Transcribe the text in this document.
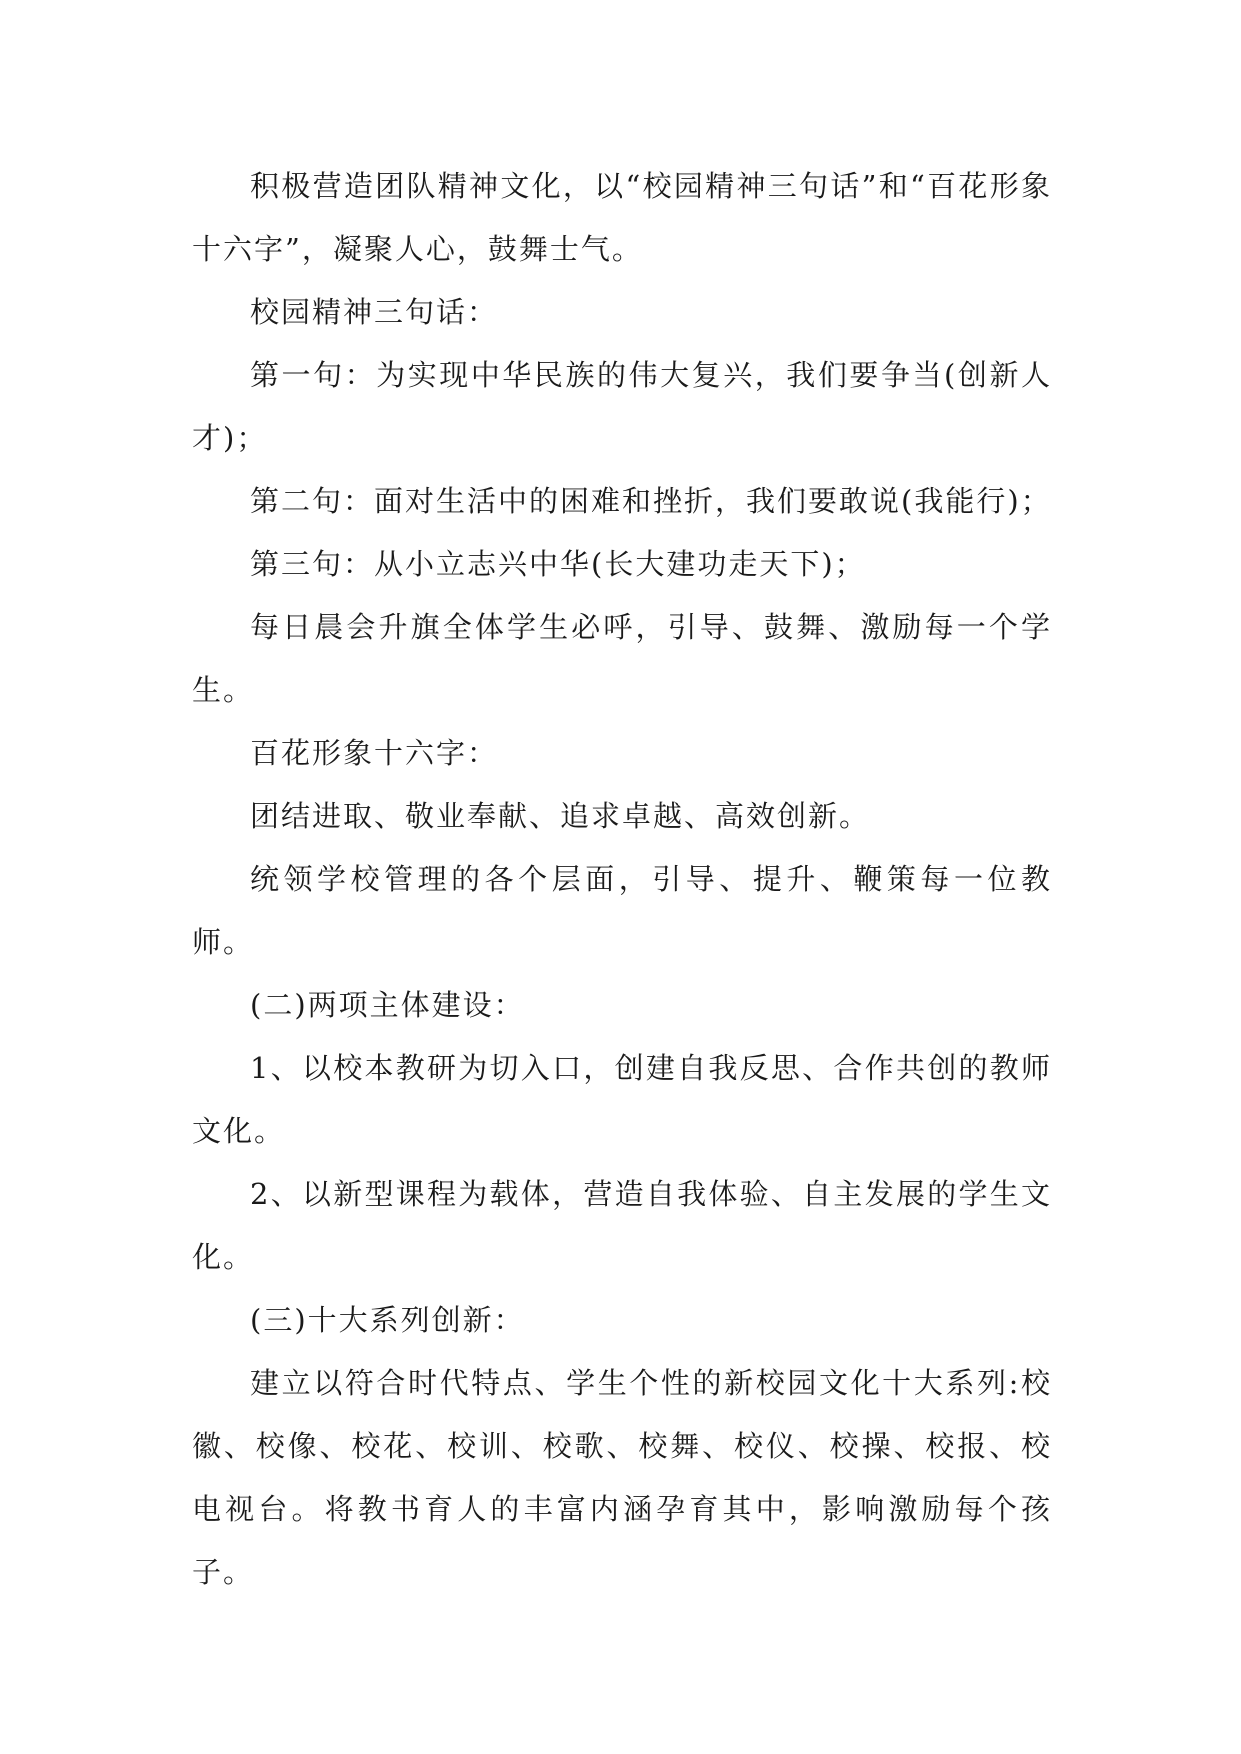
积极营造团队精神文化，以“校园精神三句话”和“百花形象十六字”，凝聚人心，鼓舞士气。

校园精神三句话：

第一句：为实现中华民族的伟大复兴，我们要争当(创新人才)；

第二句：面对生活中的困难和挫折，我们要敢说(我能行)；

第三句：从小立志兴中华(长大建功走天下)；

每日晨会升旗全体学生必呼，引导、鼓舞、激励每一个学生。

百花形象十六字：

团结进取、敬业奉献、追求卓越、高效创新。

统领学校管理的各个层面，引导、提升、鞭策每一位教师。

(二)两项主体建设：

1、以校本教研为切入口，创建自我反思、合作共创的教师文化。

2、以新型课程为载体，营造自我体验、自主发展的学生文化。

(三)十大系列创新：

建立以符合时代特点、学生个性的新校园文化十大系列:校徽、校像、校花、校训、校歌、校舞、校仪、校操、校报、校电视台。将教书育人的丰富内涵孕育其中，影响激励每个孩子。
